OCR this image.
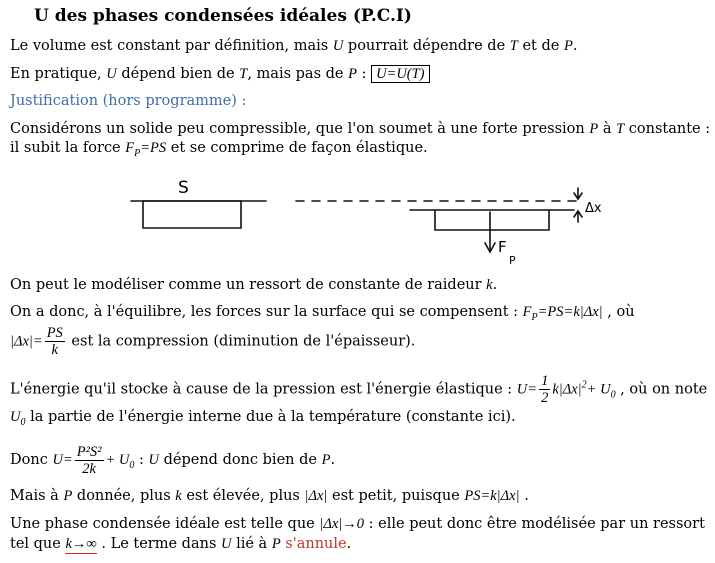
U des phases condensées idéales (P.C.I)
Le volume est constant par définition, mais U pourrait dépendre de T et de P.
En pratique, U dépend bien de T, mais pas de P : U=U(T)
Justification (hors programme) :
Considérons un solide peu compressible, que l'on soumet à une forte pression P à T constante :
il subit la force $F_P=PS$ et se comprime de façon élastique.
S
Δx
F
P
On peut le modéliser comme un ressort de constante de raideur k.
On a donc, à l'équilibre, les forces sur la surface qui se compensent : $F_P=PS=k|\Delta x|$ , où
$|\Delta x|= \frac{PS}{k}$ est la compression (diminution de l'épaisseur).
L'énergie qu'il stocke à cause de la pression est l'énergie élastique : $U= \frac{1}{2} k|\Delta x|^2+ U_0$ , où on note
$U_0$ la partie de l'énergie interne due à la température (constante ici).
Donc $U= \frac{\text{P²S²}}{2k} + U_0$ : U dépend donc bien de P.
Mais à P donnée, plus k est élevée, plus |Δx| est petit, puisque PS=k|Δx| .
Une phase condensée idéale est telle que |Δx|→0 : elle peut donc être modélisée par un ressort
tel que k→∞ . Le terme dans U lié à P s'annule.
